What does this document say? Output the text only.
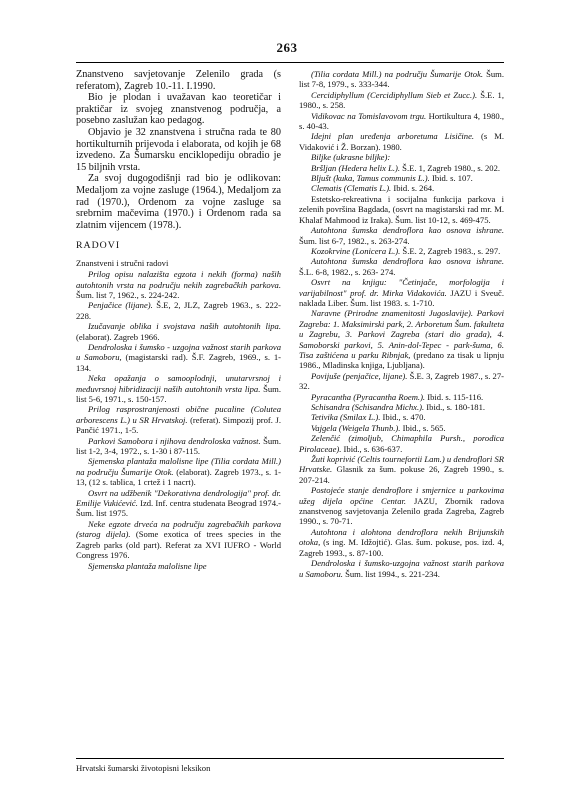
263

Znanstveno savjetovanje Zelenilo grada (s referatom), Zagreb 10.-11. I.1990.

Bio je plodan i uvažavan kao teoretičar i praktičar iz svojeg znanstvenog područja, a posebno zaslužan kao pedagog.

Objavio je 32 znanstvena i stručna rada te 80 hortikulturnih prijevoda i elaborata, od kojih je 68 izvedeno. Za Šumarsku enciklopediju obradio je 15 biljnih vrsta.

Za svoj dugogodišnji rad bio je odlikovan: Medaljom za vojne zasluge (1964.), Medaljom za rad (1970.), Ordenom za vojne zasluge sa srebrnim mačevima (1970.) i Ordenom rada sa zlatnim vijencem (1978.).

RADOVI
Znanstveni i stručni radovi

Prilog opisu nalazišta egzota i nekih (forma) naših autohtonih vrsta na području nekih zagrebačkih parkova. Šum. list 7, 1962., s. 224-242.

Penjačice (lijane). Š.E, 2, JLZ, Zagreb 1963., s. 222-228.

Izučavanje oblika i svojstava naših autohtonih lipa. (elaborat). Zagreb 1966.

Dendroloska i šumsko - uzgojna važnost starih parkova u Samoboru, (magistarski rad). Š.F. Zagreb, 1969., s. 1-134.

Neka opažanja o samooplodnji, unutarvrsnoj i međuvrsnoj hibridizaciji naših autohtonih vrsta lipa. Šum. list 5-6, 1971., s. 150-157.

Prilog rasprostranjenosti obične pucaline (Colutea arborescens L.) u SR Hrvatskoj. (referat). Simpozij prof. J. Pančić 1971., 1-5.

Parkovi Samobora i njihova dendroloska važnost. Šum. list 1-2, 3-4, 1972., s. 1-30 i 87-115.

Sjemenska plantaža malolisne lipe (Tilia cordata Mill.) na području Šumarije Otok. (elaborat). Zagreb 1973., s. 1-13, (12 s. tablica, 1 crtež i 1 nacrt).

Osvrt na udžbenik "Dekorativna dendrologija" prof. dr. Emilije Vukićević. Izd. Inf. centra studenata Beograd 1974.- Šum. list 1975.

Neke egzote drveća na području zagrebačkih parkova (starog dijela). (Some exotica of trees species in the Zagreb parks (old part). Referat za XVI IUFRO - World Congress 1976.

Sjemenska plantaža malolisne lipe

(Tilia cordata Mill.) na području Šumarije Otok. Šum. list 7-8, 1979., s. 333-344.

Cercidiphyllum (Cercidiphyllum Sieb et Zucc.). Š.E. 1, 1980., s. 258.

Vidikovac na Tomislavovom trgu. Hortikultura 4, 1980., s. 40-43.

Idejni plan uređenja arboretuma Lisičine. (s M. Vidaković i Ž. Borzan). 1980.

Biljke (ukrasne biljke):

Bršljan (Hedera helix L.). Š.E. 1, Zagreb 1980., s. 202.

Bljušt (kuka, Tamus communis L.). Ibid. s. 107.

Clematis (Clematis L.). Ibid. s. 264.

Estetsko-rekreativna i socijalna funkcija parkova i zelenih površina Bagdada, (osvrt na magistarski rad mr. M. Khalaf Mahmood iz Iraka). Šum. list 10-12, s. 469-475.

Autohtona šumska dendroflora kao osnova ishrane. Šum. list 6-7, 1982., s. 263-274.

Kozokrvine (Lonicera L.). Š.E. 2, Zagreb 1983., s. 297.

Autohtona šumska dendroflora kao osnova ishrane. Š.L. 6-8, 1982., s. 263- 274.

Osvrt na knjigu: "Četinjače, morfologija i varijabilnost" prof. dr. Mirka Vidakovića. JAZU i Sveuč. naklada Liber. Šum. list 1983. s. 1-710.

Naravne (Prirodne znamenitosti Jugoslavije). Parkovi Zagreba: 1. Maksimirski park, 2. Arboretum Šum. fakulteta u Zagrebu, 3. Parkovi Zagreba (stari dio grada), 4. Samoborski parkovi, 5. Anin-dol-Tepec - park-šuma, 6. Tisa zaštićena u parku Ribnjak, (predano za tisak u lipnju 1986., Mladinska knjiga, Ljubljana).

Povijuše (penjačice, lijane). Š.E. 3, Zagreb 1987., s. 27-32.

Pyracantha (Pyracantha Roem.). Ibid. s. 115-116.

Schisandra (Schisandra Michx.). Ibid., s. 180-181.

Tetivika (Smilax L.). Ibid., s. 470.

Vajgela (Weigela Thunb.). Ibid., s. 565.

Zelenčić (zimoljub, Chimaphila Pursh., porodica Pirolaceae). Ibid., s. 636-637.

Žuti koprivić (Celtis tournefortii Lam.) u dendroflori SR Hrvatske. Glasnik za šum. pokuse 26, Zagreb 1990., s. 207-214.

Postojeće stanje dendroflore i smjernice u parkovima užeg dijela općine Centar. JAZU, Zbornik radova znanstvenog savjetovanja Zelenilo grada Zagreba, Zagreb 1990., s. 70-71.

Autohtona i alohtona dendroflora nekih Brijunskih otoka, (s ing. M. Idžojtić). Glas. šum. pokuse, pos. izd. 4, Zagreb 1993., s. 87-100.

Dendroloska i šumsko-uzgojna važnost starih parkova u Samoboru. Šum. list 1994., s. 221-234.

Hrvatski šumarski životopisni leksikon
